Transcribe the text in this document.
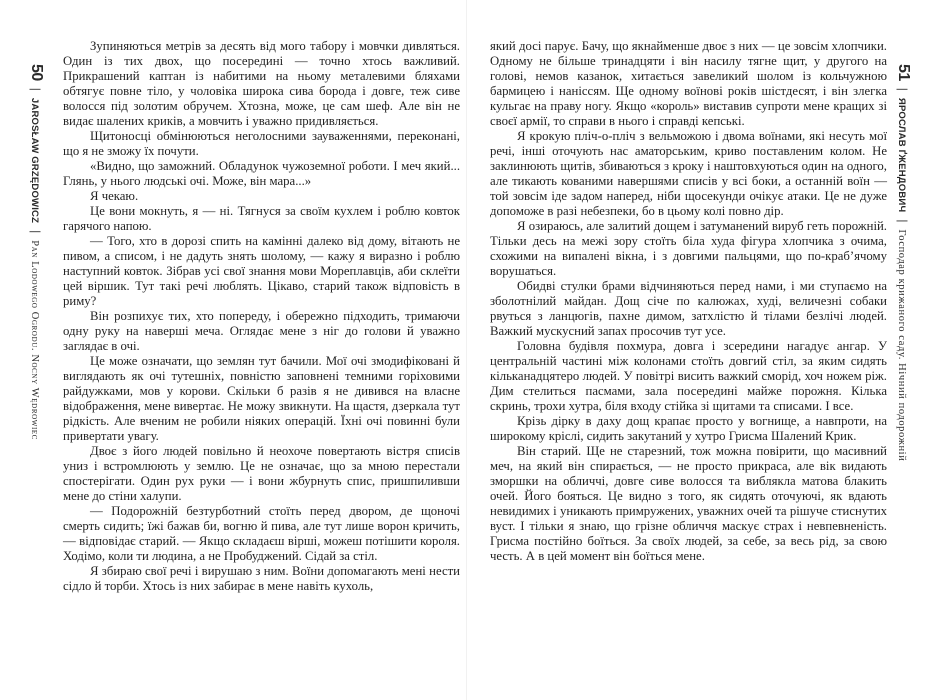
50|JAROSŁAW GRZĘDOWICZ|Pan Lodowego Ogrodu. Nocny Wędrowiec

Зупиняються метрів за десять від мого табору і мовчки дивляться. Один із тих двох, що посередині — точно хтось важливий. Прикрашений каптан із набитими на ньому металевими бляхами обтягує повне тіло, у чоловіка широка сива борода і довге, теж сиве волосся під золотим обручем. Хтозна, може, це сам шеф. Але він не видає шалених криків, а мовчить і уважно придивляється.

Щитоносці обмінюються неголосними зауваженнями, переконані, що я не зможу їх почути.

«Видно, що заможний. Обладунок чужоземної роботи. І меч який... Глянь, у нього людські очі. Може, він мара...»

Я чекаю.

Це вони мокнуть, я — ні. Тягнуся за своїм кухлем і роблю ковток гарячого напою.

— Того, хто в дорозі спить на камінні далеко від дому, вітають не пивом, а списом, і не дадуть знять шолому, — кажу я виразно і роблю наступний ковток. Зібрав усі свої знання мови Мореплавців, аби склеїти цей віршик. Тут такі речі люблять. Цікаво, старий також відповість в риму?

Він розпихує тих, хто попереду, і обережно підходить, тримаючи одну руку на наверші меча. Оглядає мене з ніг до голови й уважно заглядає в очі.

Це може означати, що землян тут бачили. Мої очі змодифіковані й виглядають як очі тутешніх, повністю заповнені темними горіховими райдужками, мов у корови. Скільки б разів я не дивився на власне відображення, мене вивертає. Не можу звикнути. На щастя, дзеркала тут рідкість. Але вченим не робили ніяких операцій. Їхні очі повинні були привертати увагу.

Двоє з його людей повільно й неохоче повертають вістря списів униз і встромлюють у землю. Це не означає, що за мною перестали спостерігати. Один рух руки — і вони жбурнуть спис, пришпиливши мене до стіни халупи.

— Подорожній безтурботний стоїть перед двором, де щоночі смерть сидить; їжі бажав би, вогню й пива, але тут лише ворон кричить, — відповідає старий. — Якщо складаєш вірші, можеш потішити короля. Ходімо, коли ти людина, а не Пробуджений. Сідай за стіл.

Я збираю свої речі і вирушаю з ним. Воїни допомагають мені нести сідло й торби. Хтось із них забирає в мене навіть кухоль,

який досі парує. Бачу, що якнайменше двоє з них — це зовсім хлопчики. Одному не більше тринадцяти і він насилу тягне щит, у другого на голові, немов казанок, хитається завеликий шолом із кольчужною бармицею і наніссям. Ще одному воїнові років шістдесят, і він злегка кульгає на праву ногу. Якщо «король» виставив супроти мене кращих зі своєї армії, то справи в нього і справді кепські.

Я крокую пліч-о-пліч з вельможою і двома воїнами, які несуть мої речі, інші оточують нас аматорським, криво поставленим колом. Не заклинюють щитів, збиваються з кроку і наштовхуються один на одного, але тикають кованими навершями списів у всі боки, а останній воїн — той зовсім іде задом наперед, ніби щосекунди очікує атаки. Це не дуже допоможе в разі небезпеки, бо в цьому колі повно дір.

Я озираюсь, але залитий дощем і затуманений вируб геть порожній. Тільки десь на межі зору стоїть біла худа фігура хлопчика з очима, схожими на випалені вікна, і з довгими пальцями, що по-крабʼячому ворушаться.

Обидві стулки брами відчиняються перед нами, і ми ступаємо на зболотнілий майдан. Дощ січе по калюжах, худі, величезні собаки рвуться з ланцюгів, пахне димом, затхлістю й тілами безлічі людей. Важкий мускусний запах просочив тут усе.

Головна будівля похмура, довга і зсередини нагадує ангар. У центральній частині між колонами стоїть довгий стіл, за яким сидять кільканадцятеро людей. У повітрі висить важкий сморід, хоч ножем ріж. Дим стелиться пасмами, зала посередині майже порожня. Кілька скринь, трохи хутра, біля входу стійка зі щитами та списами. І все.

Крізь дірку в даху дощ крапає просто у вогнище, а навпроти, на широкому кріслі, сидить закутаний у хутро Грисма Шалений Крик.

Він старий. Ще не старезний, тож можна повірити, що масивний меч, на який він спирається, — не просто прикраса, але вік видають зморшки на обличчі, довге сиве волосся та виблякла матова блакить очей. Його бояться. Це видно з того, як сидять оточуючі, як вдають невидимих і уникають примружених, уважних очей та рішуче стиснутих вуст. І тільки я знаю, що грізне обличчя маскує страх і невпевненість. Грисма постійно боїться. За своїх людей, за себе, за весь рід, за свою честь. А в цей момент він боїться мене.

51|ЯРОСЛАВ ҐЖЕНДОВИЧ|Господар крижаного саду. Нічний подорожній
